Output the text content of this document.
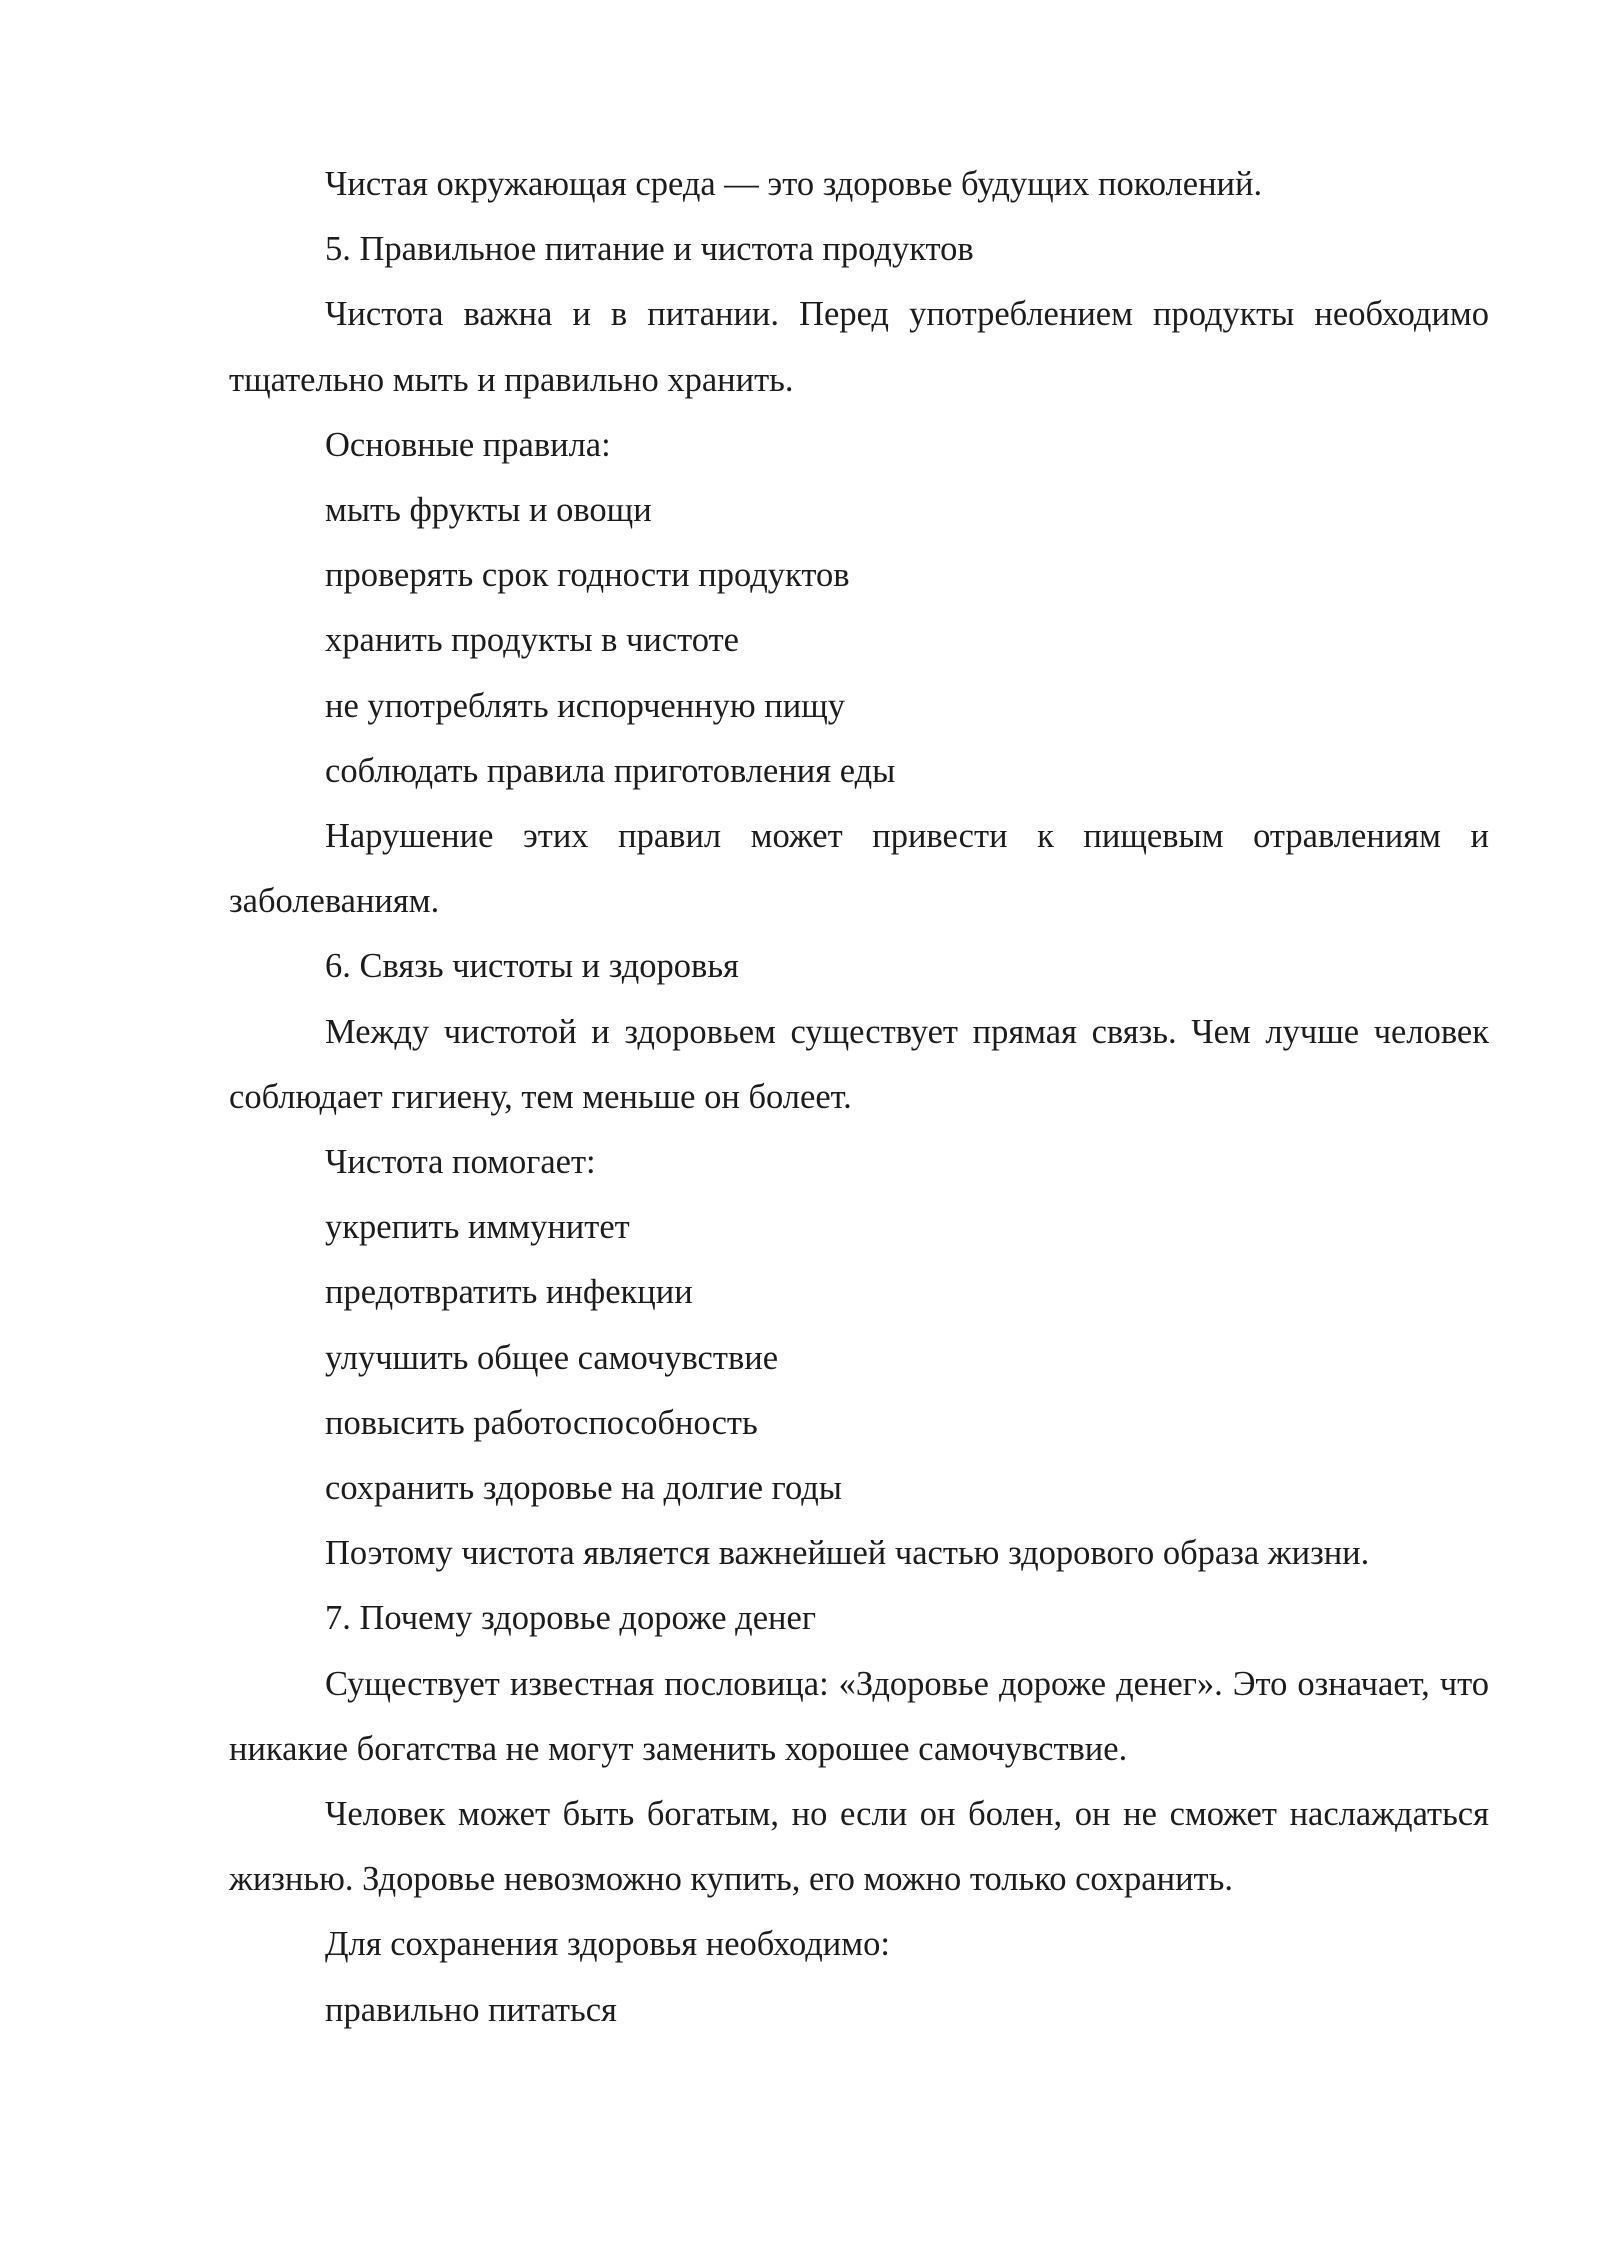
Чистая окружающая среда — это здоровье будущих поколений.

5. Правильное питание и чистота продуктов

Чистота важна и в питании. Перед употреблением продукты необходимо тщательно мыть и правильно хранить.

Основные правила:

мыть фрукты и овощи

проверять срок годности продуктов

хранить продукты в чистоте

не употреблять испорченную пищу

соблюдать правила приготовления еды

Нарушение этих правил может привести к пищевым отравлениям и заболеваниям.

6. Связь чистоты и здоровья

Между чистотой и здоровьем существует прямая связь. Чем лучше человек соблюдает гигиену, тем меньше он болеет.

Чистота помогает:

укрепить иммунитет

предотвратить инфекции

улучшить общее самочувствие

повысить работоспособность

сохранить здоровье на долгие годы

Поэтому чистота является важнейшей частью здорового образа жизни.

7. Почему здоровье дороже денег

Существует известная пословица: «Здоровье дороже денег». Это означает, что никакие богатства не могут заменить хорошее самочувствие.

Человек может быть богатым, но если он болен, он не сможет наслаждаться жизнью. Здоровье невозможно купить, его можно только сохранить.

Для сохранения здоровья необходимо:

правильно питаться
